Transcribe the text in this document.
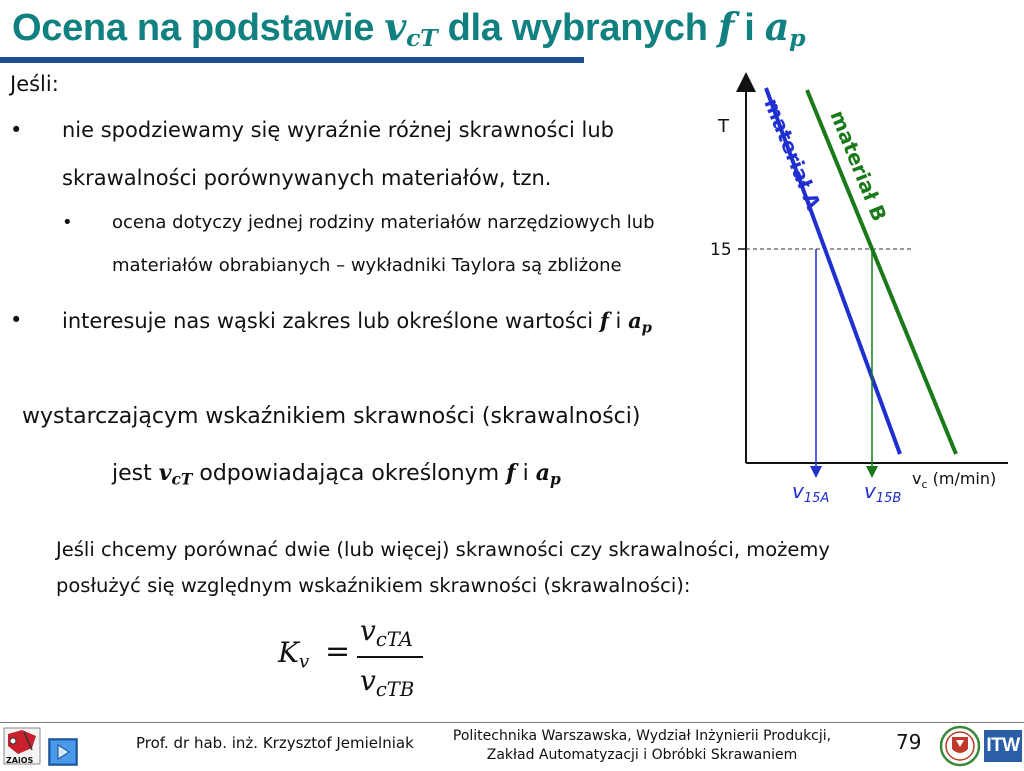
Ocena na podstawie $v_{cT}$ dla wybranych f i $a_p$
Jeśli:
• nie spodziewamy się wyraźnie różnej skrawności lub
skrawalności porównywanych materiałów, tzn.
• ocena dotyczy jednej rodziny materiałów narzędziowych lub
materiałów obrabianych – wykładniki Taylora są zbliżone
• interesuje nas wąski zakres lub określone wartości f i $a_p$
wystarczającym wskaźnikiem skrawności (skrawalności)
jest $v_{cT}$ odpowiadająca określonym f i $a_p$
Jeśli chcemy porównać dwie (lub więcej) skrawności czy skrawalności, możemy
posłużyć się względnym wskaźnikiem skrawności (skrawalności):
$K_v$ =
$v_{cTA}$
$v_{cTB}$
T
15
materiał A materiał B
$v_{15A}$ $v_{15B}$
$v_c$ (m/min)
ZAiOS
Prof. dr hab. inż. Krzysztof Jemielniak	Politechnika Warszawska, Wydział Inżynierii Produkcji,
Zakład Automatyzacji i Obróbki Skrawaniem
79	ITW
